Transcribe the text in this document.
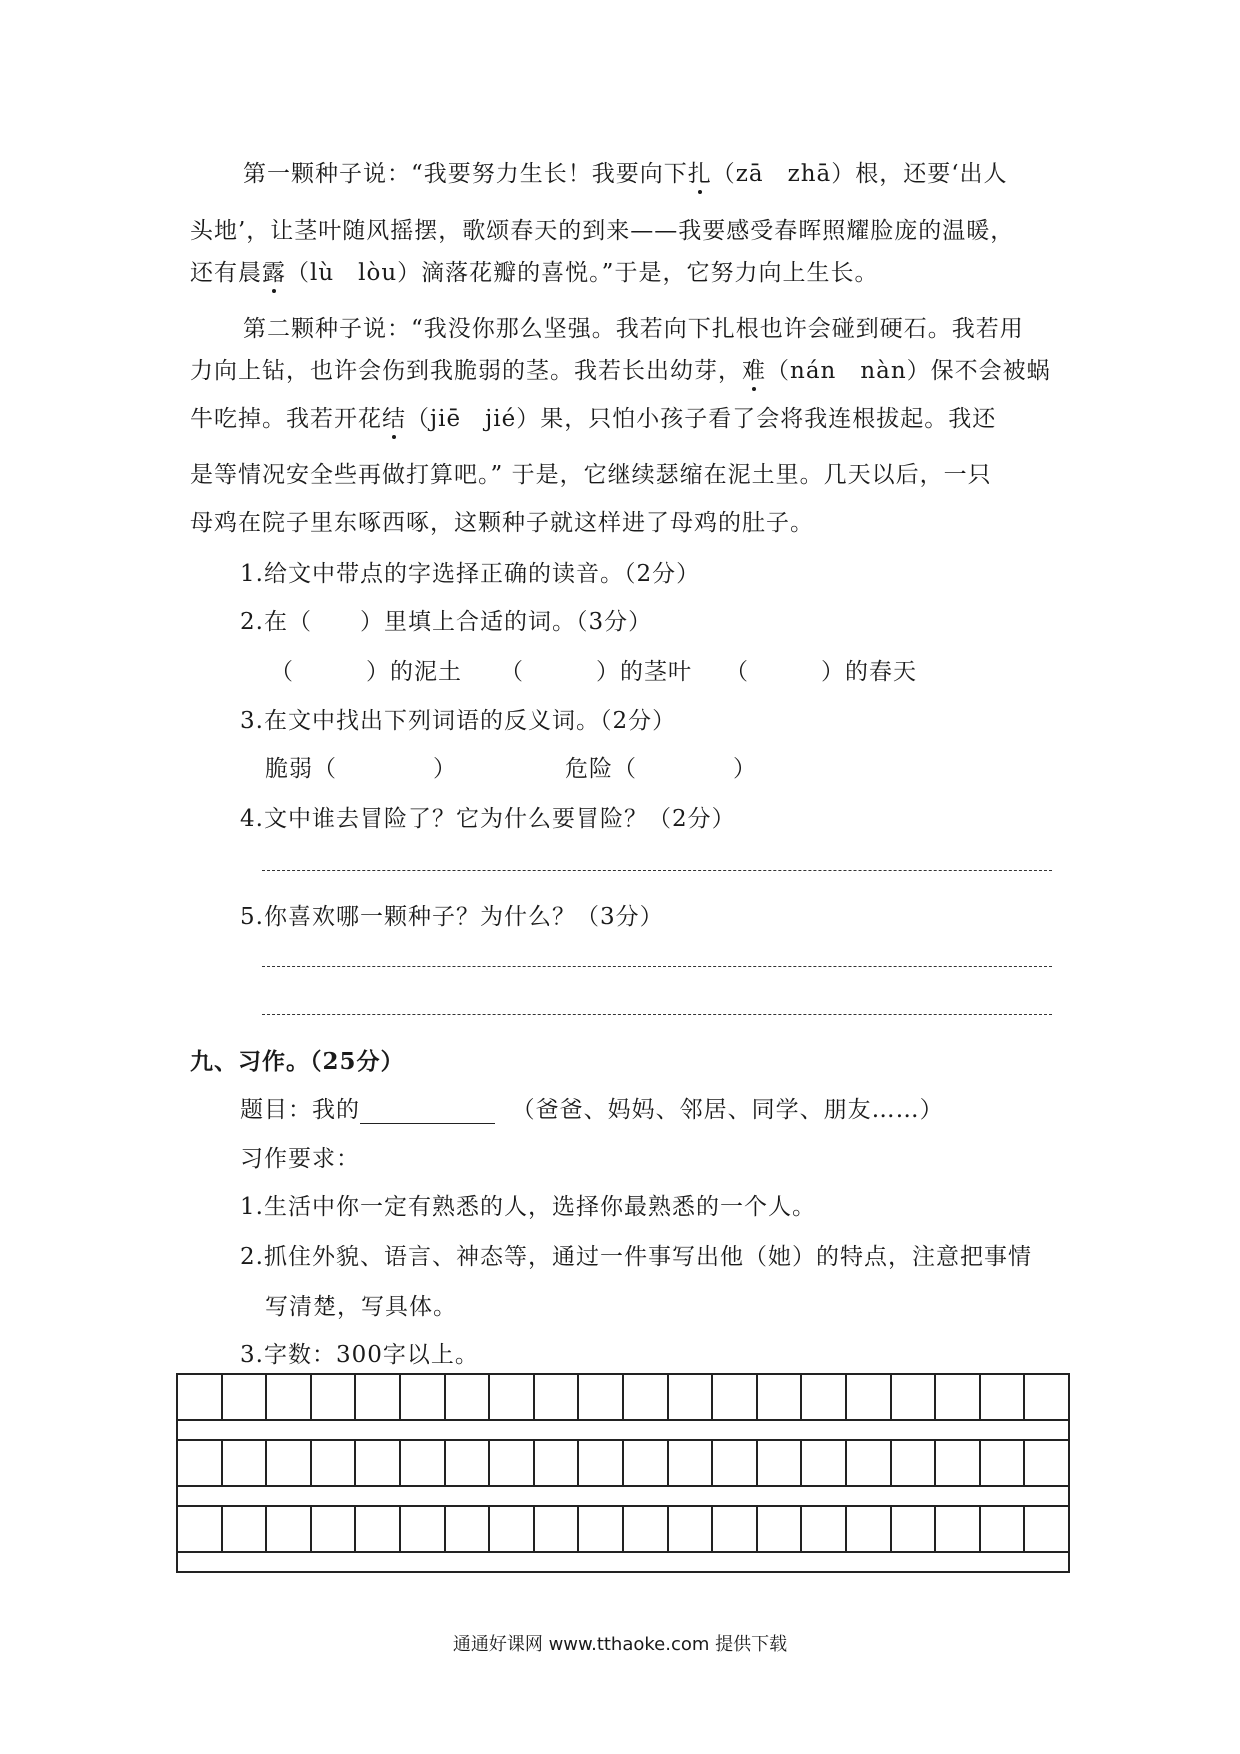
第一颗种子说：“我要努力生长！我要向下扎（zā　zhā）根，还要‘出人
头地’，让茎叶随风摇摆，歌颂春天的到来——我要感受春晖照耀脸庞的温暖，
还有晨露（lù　lòu）滴落花瓣的喜悦。”于是，它努力向上生长。
第二颗种子说：“我没你那么坚强。我若向下扎根也许会碰到硬石。我若用
力向上钻，也许会伤到我脆弱的茎。我若长出幼芽，难（nán　nàn）保不会被蜗
牛吃掉。我若开花结（jiē　jié）果，只怕小孩子看了会将我连根拔起。我还
是等情况安全些再做打算吧。” 于是，它继续瑟缩在泥土里。几天以后，一只
母鸡在院子里东啄西啄，这颗种子就这样进了母鸡的肚子。
1.给文中带点的字选择正确的读音。（2分）
2.在（　　）里填上合适的词。（3分）
（　　　）的泥土 （　　　）的茎叶 （　　　）的春天
3.在文中找出下列词语的反义词。（2分）
脆弱（　　　　）	危险（　　　　）
4.文中谁去冒险了？它为什么要冒险？（2分）
5.你喜欢哪一颗种子？为什么？（3分）
九、习作。（25分）
题目：我的	（爸爸、妈妈、邻居、同学、朋友……）
习作要求：
1.生活中你一定有熟悉的人，选择你最熟悉的一个人。
2.抓住外貌、语言、神态等，通过一件事写出他（她）的特点，注意把事情
写清楚，写具体。
3.字数：300字以上。
通通好课网 www.tthaoke.com 提供下载
